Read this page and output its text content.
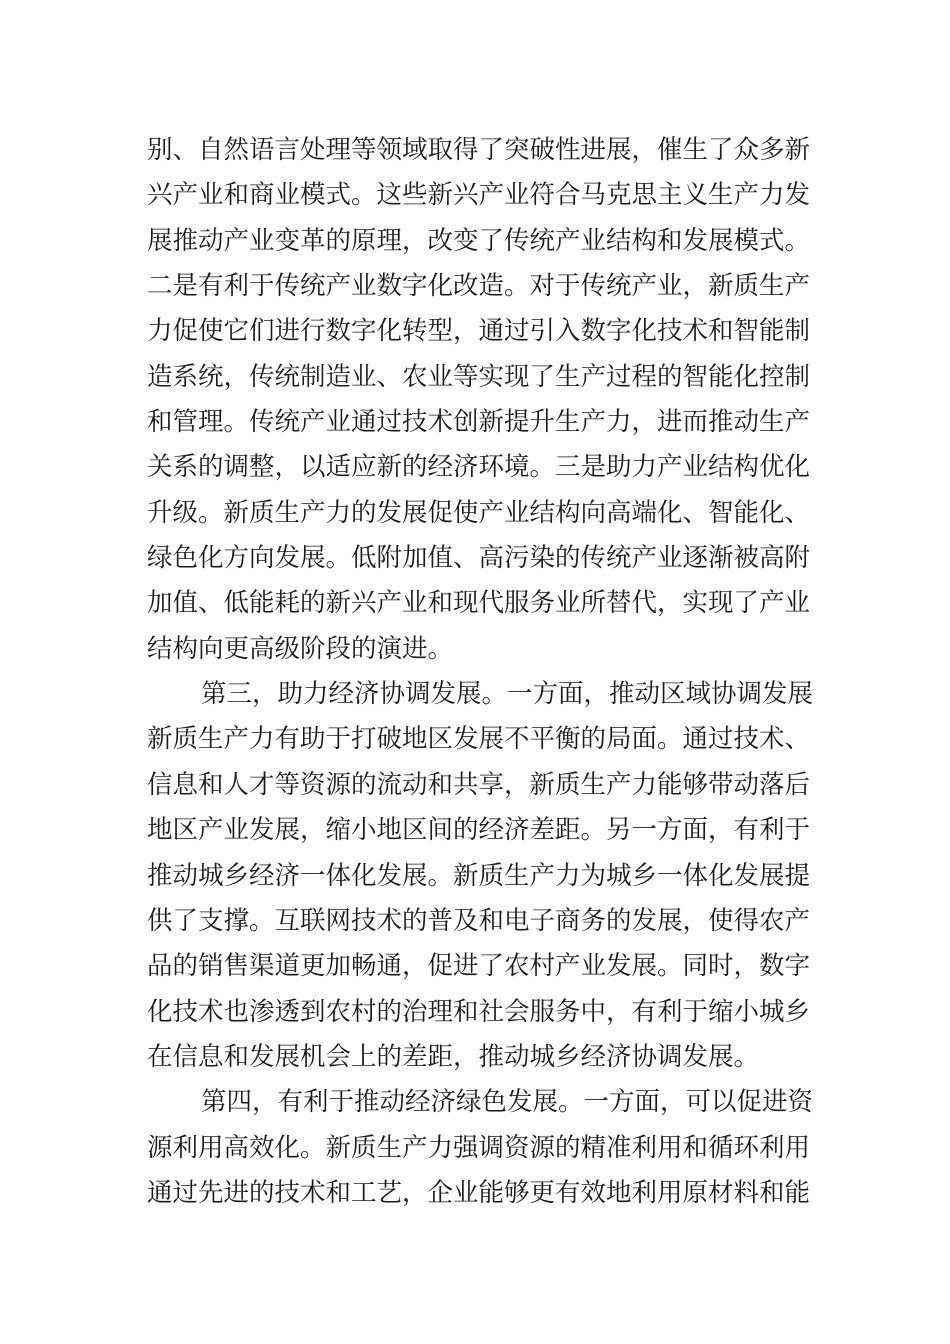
别、自然语言处理等领域取得了突破性进展，催生了众多新
兴产业和商业模式。这些新兴产业符合马克思主义生产力发
展推动产业变革的原理，改变了传统产业结构和发展模式。
二是有利于传统产业数字化改造。对于传统产业，新质生产
力促使它们进行数字化转型，通过引入数字化技术和智能制
造系统，传统制造业、农业等实现了生产过程的智能化控制
和管理。传统产业通过技术创新提升生产力，进而推动生产
关系的调整，以适应新的经济环境。三是助力产业结构优化
升级。新质生产力的发展促使产业结构向高端化、智能化、
绿色化方向发展。低附加值、高污染的传统产业逐渐被高附
加值、低能耗的新兴产业和现代服务业所替代，实现了产业
结构向更高级阶段的演进。
第三，助力经济协调发展。一方面，推动区域协调发展
新质生产力有助于打破地区发展不平衡的局面。通过技术、
信息和人才等资源的流动和共享，新质生产力能够带动落后
地区产业发展，缩小地区间的经济差距。另一方面，有利于
推动城乡经济一体化发展。新质生产力为城乡一体化发展提
供了支撑。互联网技术的普及和电子商务的发展，使得农产
品的销售渠道更加畅通，促进了农村产业发展。同时，数字
化技术也渗透到农村的治理和社会服务中，有利于缩小城乡
在信息和发展机会上的差距，推动城乡经济协调发展。
第四，有利于推动经济绿色发展。一方面，可以促进资
源利用高效化。新质生产力强调资源的精准利用和循环利用
通过先进的技术和工艺，企业能够更有效地利用原材料和能
